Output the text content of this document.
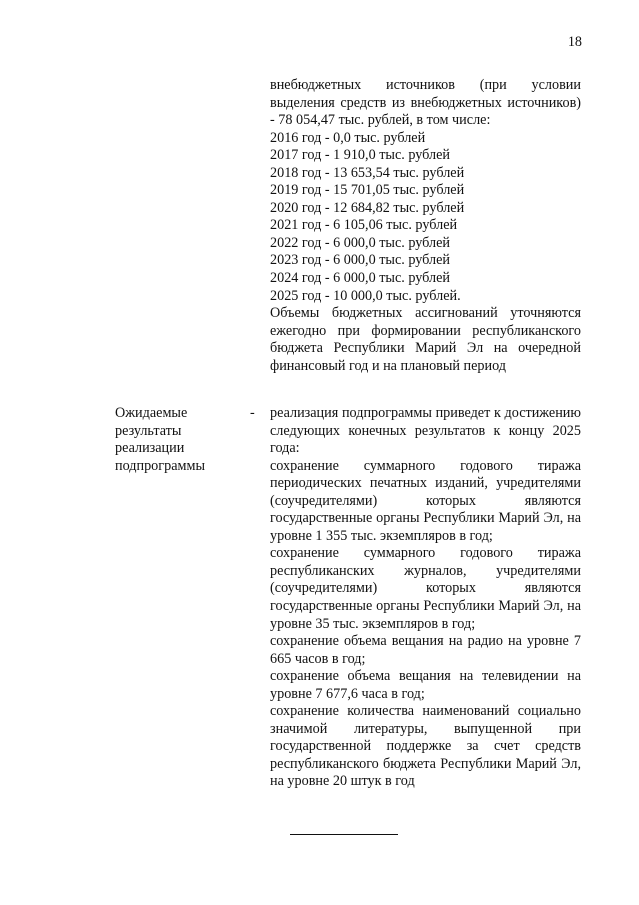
18

внебюджетных источников (при условии выделения средств из внебюджетных источников) - 78 054,47 тыс. рублей, в том числе:

2016 год - 0,0 тыс. рублей
2017 год - 1 910,0 тыс. рублей
2018 год - 13 653,54 тыс. рублей
2019 год - 15 701,05 тыс. рублей
2020 год - 12 684,82 тыс. рублей
2021 год - 6 105,06 тыс. рублей
2022 год - 6 000,0 тыс. рублей
2023 год - 6 000,0 тыс. рублей
2024 год - 6 000,0 тыс. рублей
2025 год - 10 000,0 тыс. рублей.

Объемы бюджетных ассигнований уточняются ежегодно при формировании республиканского бюджета Республики Марий Эл на очередной финансовый год и на плановый период

Ожидаемые результаты реализации подпрограммы
- реализация подпрограммы приведет к достижению следующих конечных результатов к концу 2025 года:

сохранение суммарного годового тиража периодических печатных изданий, учредителями (соучредителями) которых являются государственные органы Республики Марий Эл, на уровне 1 355 тыс. экземпляров в год;

сохранение суммарного годового тиража республиканских журналов, учредителями (соучредителями) которых являются государственные органы Республики Марий Эл, на уровне 35 тыс. экземпляров в год;

сохранение объема вещания на радио на уровне 7 665 часов в год;

сохранение объема вещания на телевидении на уровне 7 677,6 часа в год;

сохранение количества наименований социально значимой литературы, выпущенной при государственной поддержке за счет средств республиканского бюджета Республики Марий Эл, на уровне 20 штук в год
